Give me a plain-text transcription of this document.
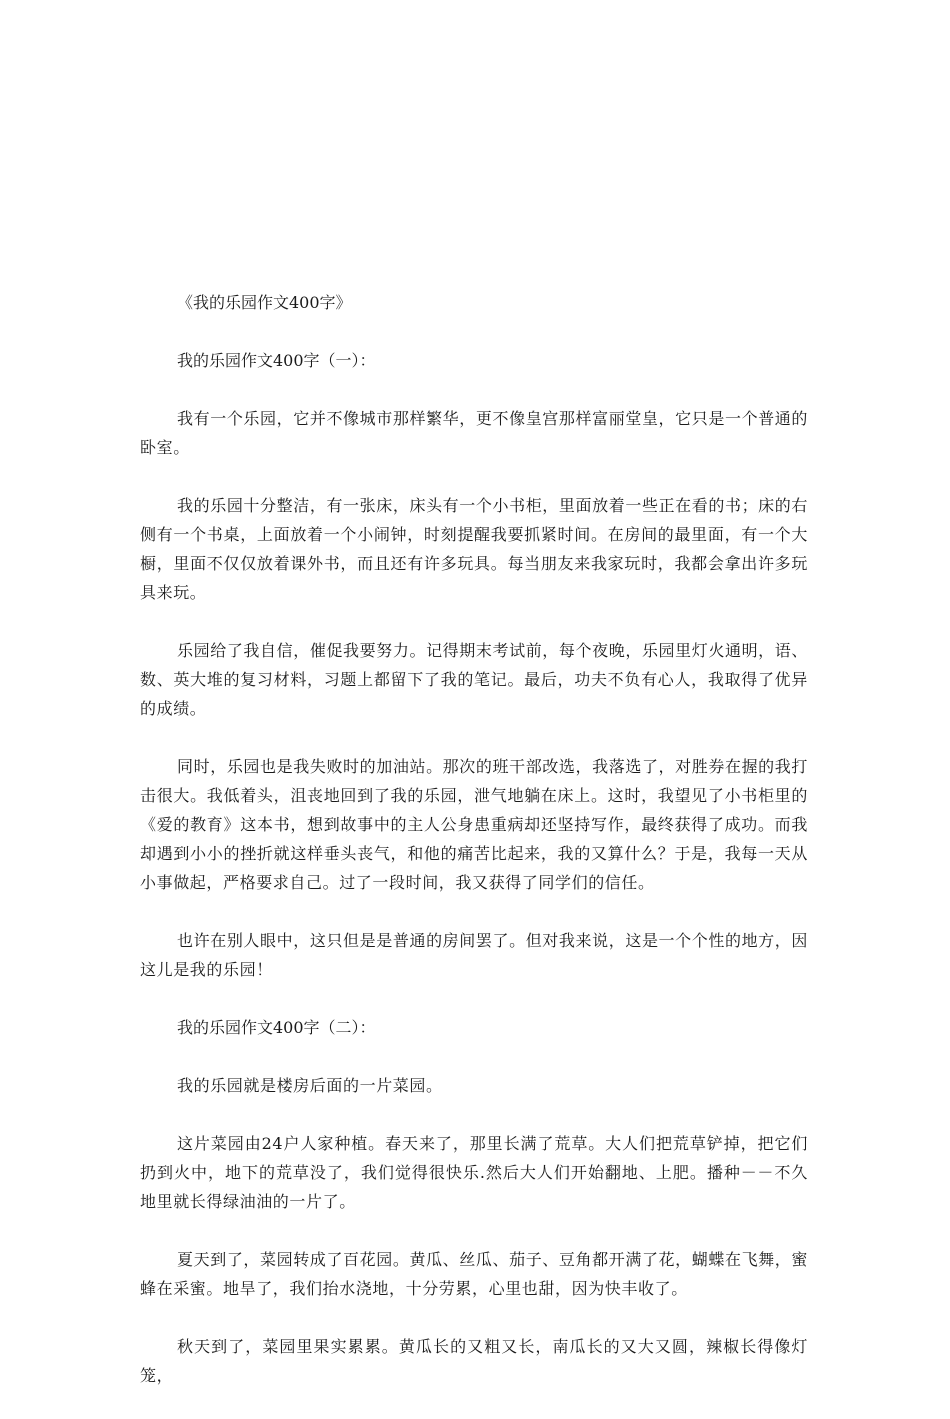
《我的乐园作文400字》

我的乐园作文400字（一）：

我有一个乐园，它并不像城市那样繁华，更不像皇宫那样富丽堂皇，它只是一个普通的卧室。

我的乐园十分整洁，有一张床，床头有一个小书柜，里面放着一些正在看的书；床的右侧有一个书桌，上面放着一个小闹钟，时刻提醒我要抓紧时间。在房间的最里面，有一个大橱，里面不仅仅放着课外书，而且还有许多玩具。每当朋友来我家玩时，我都会拿出许多玩具来玩。

乐园给了我自信，催促我要努力。记得期末考试前，每个夜晚，乐园里灯火通明，语、数、英大堆的复习材料，习题上都留下了我的笔记。最后，功夫不负有心人，我取得了优异的成绩。

同时，乐园也是我失败时的加油站。那次的班干部改选，我落选了，对胜券在握的我打击很大。我低着头，沮丧地回到了我的乐园，泄气地躺在床上。这时，我望见了小书柜里的《爱的教育》这本书，想到故事中的主人公身患重病却还坚持写作，最终获得了成功。而我却遇到小小的挫折就这样垂头丧气，和他的痛苦比起来，我的又算什么？于是，我每一天从小事做起，严格要求自己。过了一段时间，我又获得了同学们的信任。

也许在别人眼中，这只但是是普通的房间罢了。但对我来说，这是一个个性的地方，因这儿是我的乐园！

我的乐园作文400字（二）：

我的乐园就是楼房后面的一片菜园。

这片菜园由24户人家种植。春天来了，那里长满了荒草。大人们把荒草铲掉，把它们扔到火中，地下的荒草没了，我们觉得很快乐.然后大人们开始翻地、上肥。播种－－不久地里就长得绿油油的一片了。

夏天到了，菜园转成了百花园。黄瓜、丝瓜、茄子、豆角都开满了花，蝴蝶在飞舞，蜜蜂在采蜜。地旱了，我们抬水浇地，十分劳累，心里也甜，因为快丰收了。

秋天到了，菜园里果实累累。黄瓜长的又粗又长，南瓜长的又大又圆，辣椒长得像灯笼，
